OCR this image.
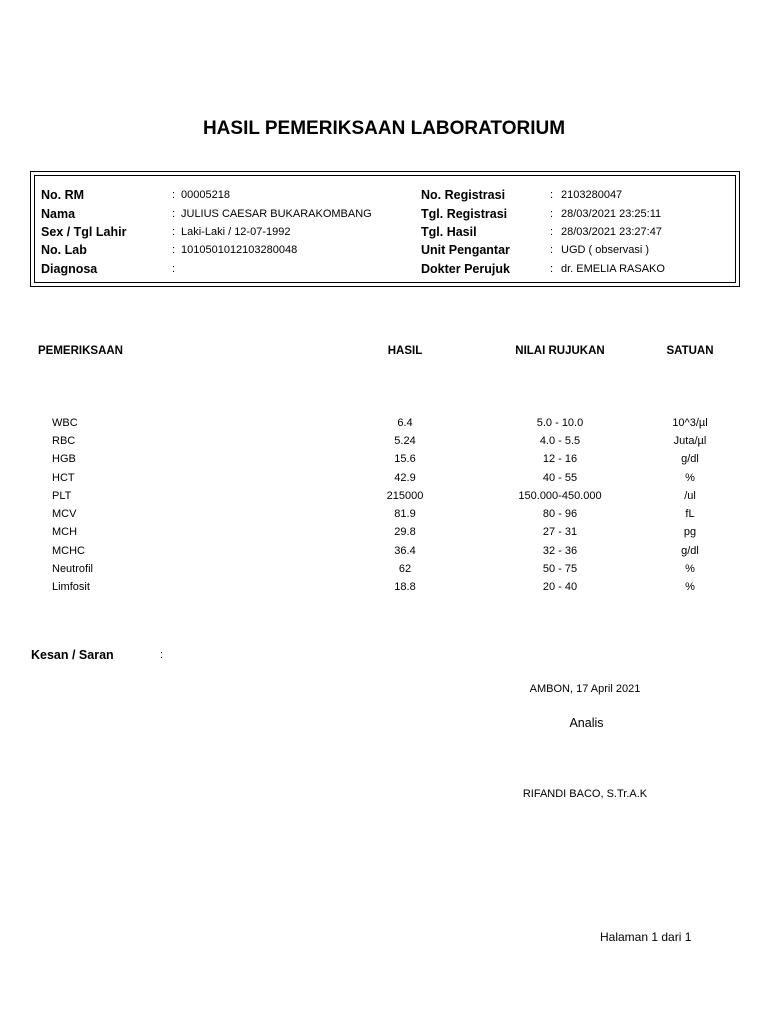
HASIL PEMERIKSAAN LABORATORIUM
No. RM	: 00005218
Nama	: JULIUS CAESAR BUKARAKOMBANG
Sex / Tgl Lahir	: Laki-Laki / 12-07-1992
No. Lab	: 1010501012103280048
Diagnosa	:
No. Registrasi	: 2103280047
Tgl. Registrasi	: 28/03/2021 23:25:11
Tgl. Hasil	: 28/03/2021 23:27:47
Unit Pengantar	: UGD ( observasi )
Dokter Perujuk	: dr. EMELIA RASAKO
PEMERIKSAAN	HASIL	NILAI RUJUKAN	SATUAN
WBC	6.4	5.0 - 10.0	10^3/µl
RBC	5.24	4.0 - 5.5	Juta/µl
HGB	15.6	12 - 16	g/dl
HCT	42.9	40 - 55	%
PLT	215000	150.000-450.000	/ul
MCV	81.9	80 - 96	fL
MCH	29.8	27 - 31	pg
MCHC	36.4	32 - 36	g/dl
Neutrofil	62	50 - 75	%
Limfosit	18.8	20 - 40	%
Kesan / Saran	:
AMBON, 17 April 2021
Analis
RIFANDI BACO, S.Tr.A.K
Halaman 1 dari 1
